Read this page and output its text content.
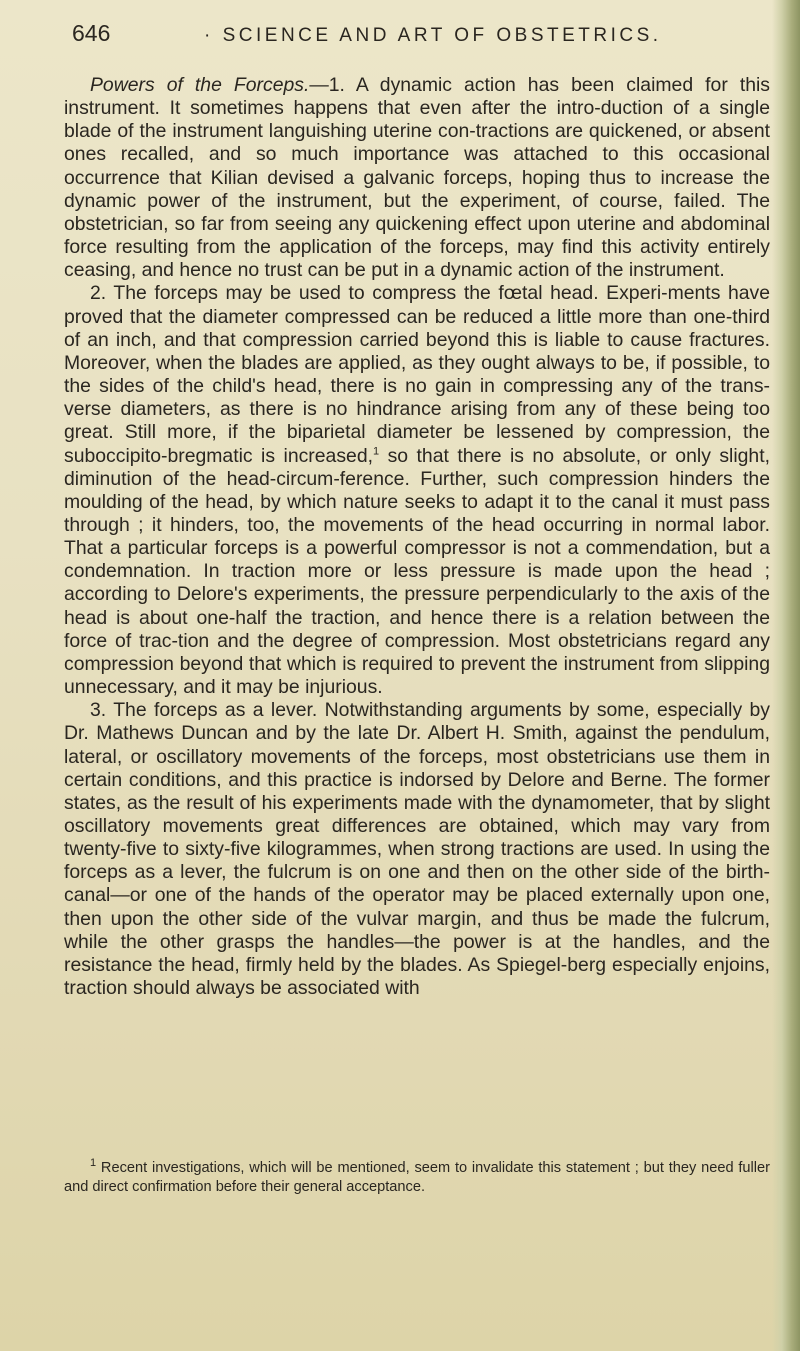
646	· SCIENCE AND ART OF OBSTETRICS.

Powers of the Forceps.—1. A dynamic action has been claimed for this instrument. It sometimes happens that even after the intro-duction of a single blade of the instrument languishing uterine con-tractions are quickened, or absent ones recalled, and so much importance was attached to this occasional occurrence that Kilian devised a galvanic forceps, hoping thus to increase the dynamic power of the instrument, but the experiment, of course, failed. The obstetrician, so far from seeing any quickening effect upon uterine and abdominal force resulting from the application of the forceps, may find this activity entirely ceasing, and hence no trust can be put in a dynamic action of the instrument.

2. The forceps may be used to compress the fœtal head. Experi-ments have proved that the diameter compressed can be reduced a little more than one-third of an inch, and that compression carried beyond this is liable to cause fractures. Moreover, when the blades are applied, as they ought always to be, if possible, to the sides of the child's head, there is no gain in compressing any of the trans-verse diameters, as there is no hindrance arising from any of these being too great. Still more, if the biparietal diameter be lessened by compression, the suboccipito-bregmatic is increased,$^1$ so that there is no absolute, or only slight, diminution of the head-circum-ference. Further, such compression hinders the moulding of the head, by which nature seeks to adapt it to the canal it must pass through ; it hinders, too, the movements of the head occurring in normal labor. That a particular forceps is a powerful compressor is not a commendation, but a condemnation. In traction more or less pressure is made upon the head ; according to Delore's experiments, the pressure perpendicularly to the axis of the head is about one-half the traction, and hence there is a relation between the force of trac-tion and the degree of compression. Most obstetricians regard any compression beyond that which is required to prevent the instrument from slipping unnecessary, and it may be injurious.

3. The forceps as a lever. Notwithstanding arguments by some, especially by Dr. Mathews Duncan and by the late Dr. Albert H. Smith, against the pendulum, lateral, or oscillatory movements of the forceps, most obstetricians use them in certain conditions, and this practice is indorsed by Delore and Berne. The former states, as the result of his experiments made with the dynamometer, that by slight oscillatory movements great differences are obtained, which may vary from twenty-five to sixty-five kilogrammes, when strong tractions are used. In using the forceps as a lever, the fulcrum is on one and then on the other side of the birth-canal—or one of the hands of the operator may be placed externally upon one, then upon the other side of the vulvar margin, and thus be made the fulcrum, while the other grasps the handles—the power is at the handles, and the resistance the head, firmly held by the blades. As Spiegel-berg especially enjoins, traction should always be associated with

$^1$ Recent investigations, which will be mentioned, seem to invalidate this statement ; but they need fuller and direct confirmation before their general acceptance.
